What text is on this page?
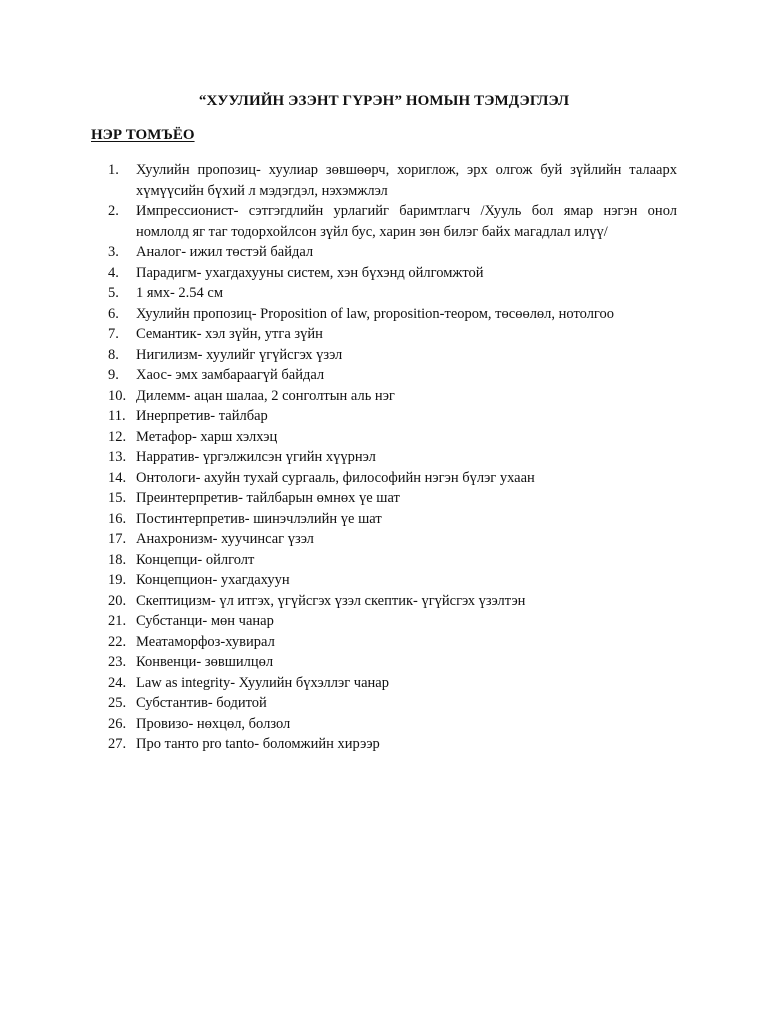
“ХУУЛИЙН ЭЗЭНТ ГҮРЭН” НОМЫН ТЭМДЭГЛЭЛ
НЭР ТОМЪЁО
1. Хуулийн пропозиц- хуулиар зөвшөөрч, хориглож, эрх олгож буй зүйлийн талаарх хүмүүсийн бүхий л мэдэгдэл, нэхэмжлэл
2. Импрессионист- сэтгэгдлийн урлагийг баримтлагч /Хууль бол ямар нэгэн онол номлолд яг таг тодорхойлсон зүйл бус, харин зөн билэг байх магадлал илүү/
3. Аналог- ижил төстэй байдал
4. Парадигм- ухагдахууны систем, хэн бүхэнд ойлгомжтой
5. 1 ямх- 2.54 см
6. Хуулийн пропозиц- Proposition of law, proposition-теором, төсөөлөл, нотолгоо
7. Семантик- хэл зүйн, утга зүйн
8. Нигилизм- хуулийг үгүйсгэх үзэл
9. Хаос- эмх замбараагүй байдал
10. Дилемм- ацан шалаа, 2 сонголтын аль нэг
11. Инерпретив- тайлбар
12. Метафор- харш хэлхэц
13. Нарратив- үргэлжилсэн үгийн хүүрнэл
14. Онтологи- ахуйн тухай сургааль, философийн нэгэн бүлэг ухаан
15. Преинтерпретив- тайлбарын өмнөх үе шат
16. Постинтерпретив- шинэчлэлийн үе шат
17. Анахронизм- хуучинсаг үзэл
18. Концепци- ойлголт
19. Концепцион- ухагдахуун
20. Скептицизм- үл итгэх, үгүйсгэх үзэл скептик- үгүйсгэх үзэлтэн
21. Субстанци- мөн чанар
22. Меатаморфоз-хувирал
23. Конвенци- зөвшилцөл
24. Law as integrity- Хуулийн бүхэллэг чанар
25. Субстантив- бодитой
26. Провизо- нөхцөл, болзол
27. Про танто pro tanto- боломжийн хирээр
